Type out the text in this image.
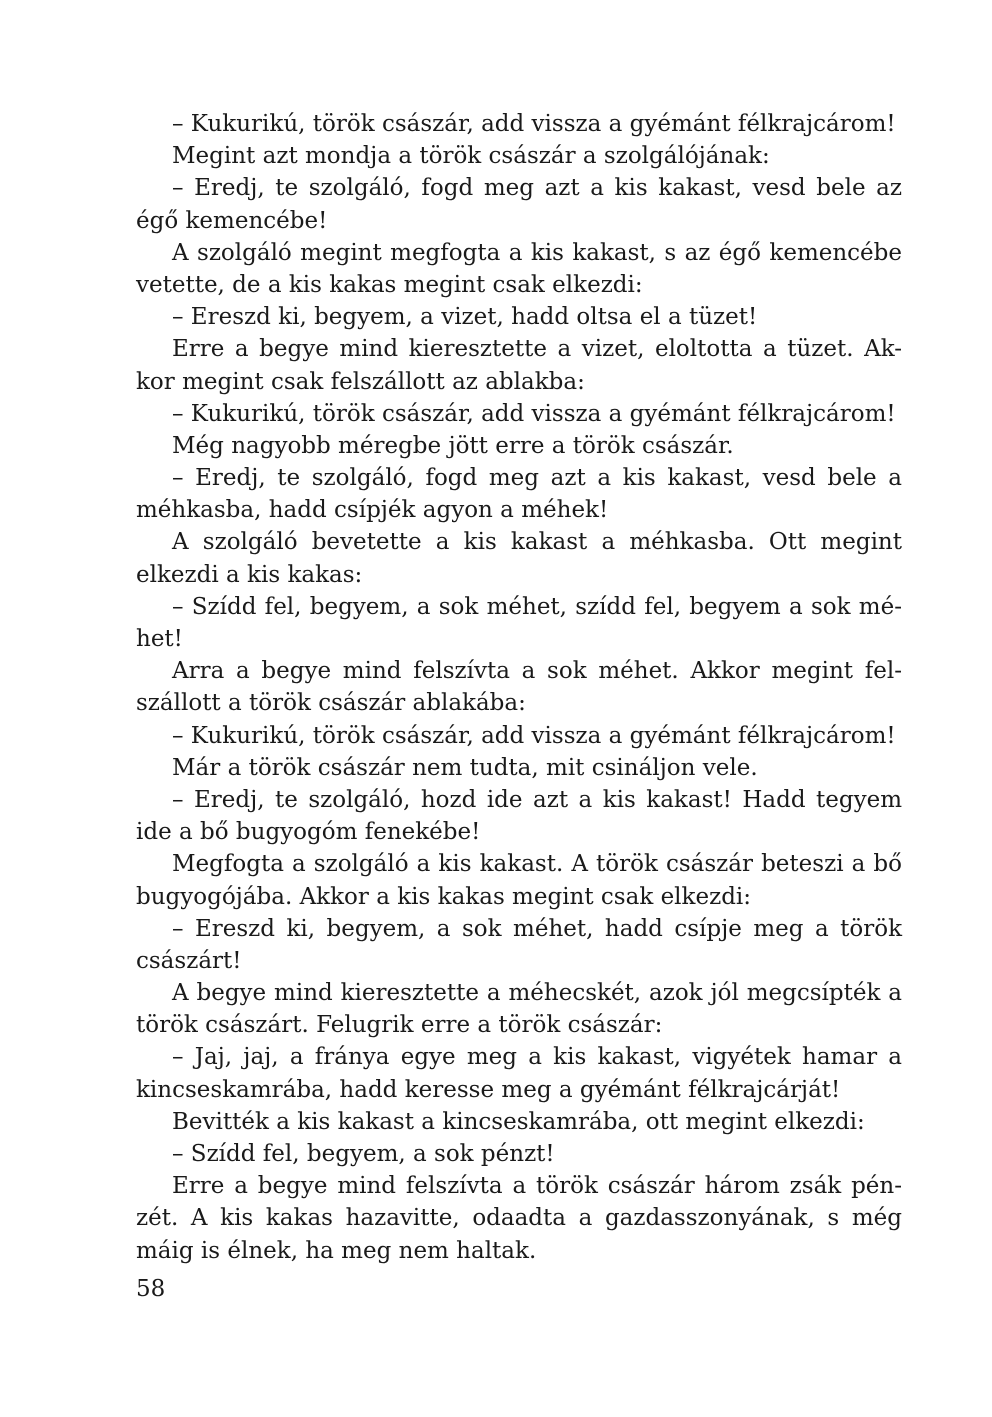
– Kukurikú, török császár, add vissza a gyémánt félkrajcárom!
Megint azt mondja a török császár a szolgálójának:
– Eredj, te szolgáló, fogd meg azt a kis kakast, vesd bele az
égő kemencébe!
A szolgáló megint megfogta a kis kakast, s az égő kemencébe
vetette, de a kis kakas megint csak elkezdi:
– Ereszd ki, begyem, a vizet, hadd oltsa el a tüzet!
Erre a begye mind kieresztette a vizet, eloltotta a tüzet. Ak-
kor megint csak felszállott az ablakba:
– Kukurikú, török császár, add vissza a gyémánt félkrajcárom!
Még nagyobb méregbe jött erre a török császár.
– Eredj, te szolgáló, fogd meg azt a kis kakast, vesd bele a
méhkasba, hadd csípjék agyon a méhek!
A szolgáló bevetette a kis kakast a méhkasba. Ott megint
elkezdi a kis kakas:
– Szídd fel, begyem, a sok méhet, szídd fel, begyem a sok mé-
het!
Arra a begye mind felszívta a sok méhet. Akkor megint fel-
szállott a török császár ablakába:
– Kukurikú, török császár, add vissza a gyémánt félkrajcárom!
Már a török császár nem tudta, mit csináljon vele.
– Eredj, te szolgáló, hozd ide azt a kis kakast! Hadd tegyem
ide a bő bugyogóm fenekébe!
Megfogta a szolgáló a kis kakast. A török császár beteszi a bő
bugyogójába. Akkor a kis kakas megint csak elkezdi:
– Ereszd ki, begyem, a sok méhet, hadd csípje meg a török
császárt!
A begye mind kieresztette a méhecskét, azok jól megcsípték a
török császárt. Felugrik erre a török császár:
– Jaj, jaj, a fránya egye meg a kis kakast, vigyétek hamar a
kincseskamrába, hadd keresse meg a gyémánt félkrajcárját!
Bevitték a kis kakast a kincseskamrába, ott megint elkezdi:
– Szídd fel, begyem, a sok pénzt!
Erre a begye mind felszívta a török császár három zsák pén-
zét. A kis kakas hazavitte, odaadta a gazdasszonyának, s még
máig is élnek, ha meg nem haltak.
58
